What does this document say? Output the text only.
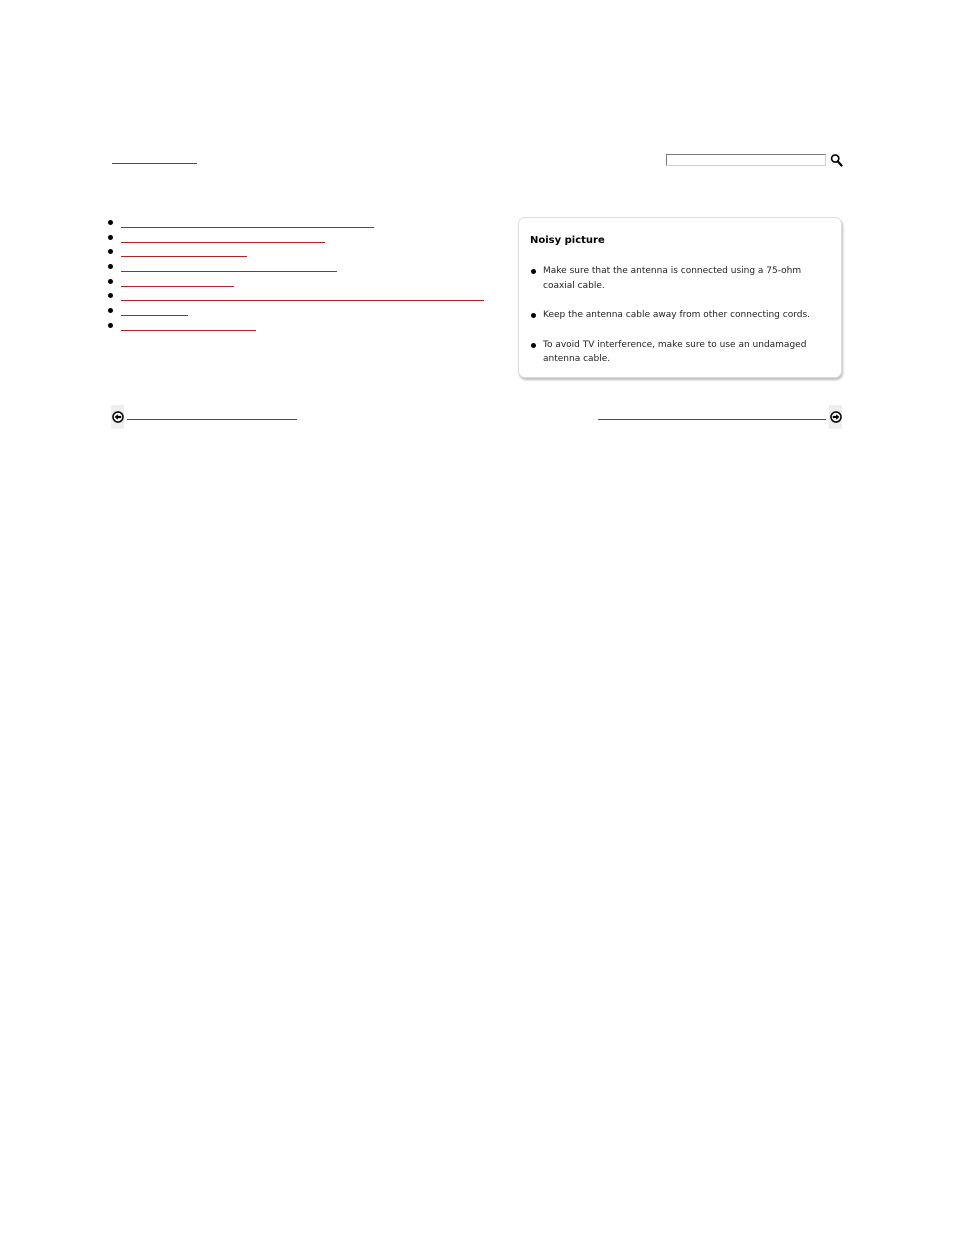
Noisy picture

Make sure that the antenna is connected using a 75-ohm coaxial cable.
Keep the antenna cable away from other connecting cords.
To avoid TV interference, make sure to use an undamaged antenna cable.
